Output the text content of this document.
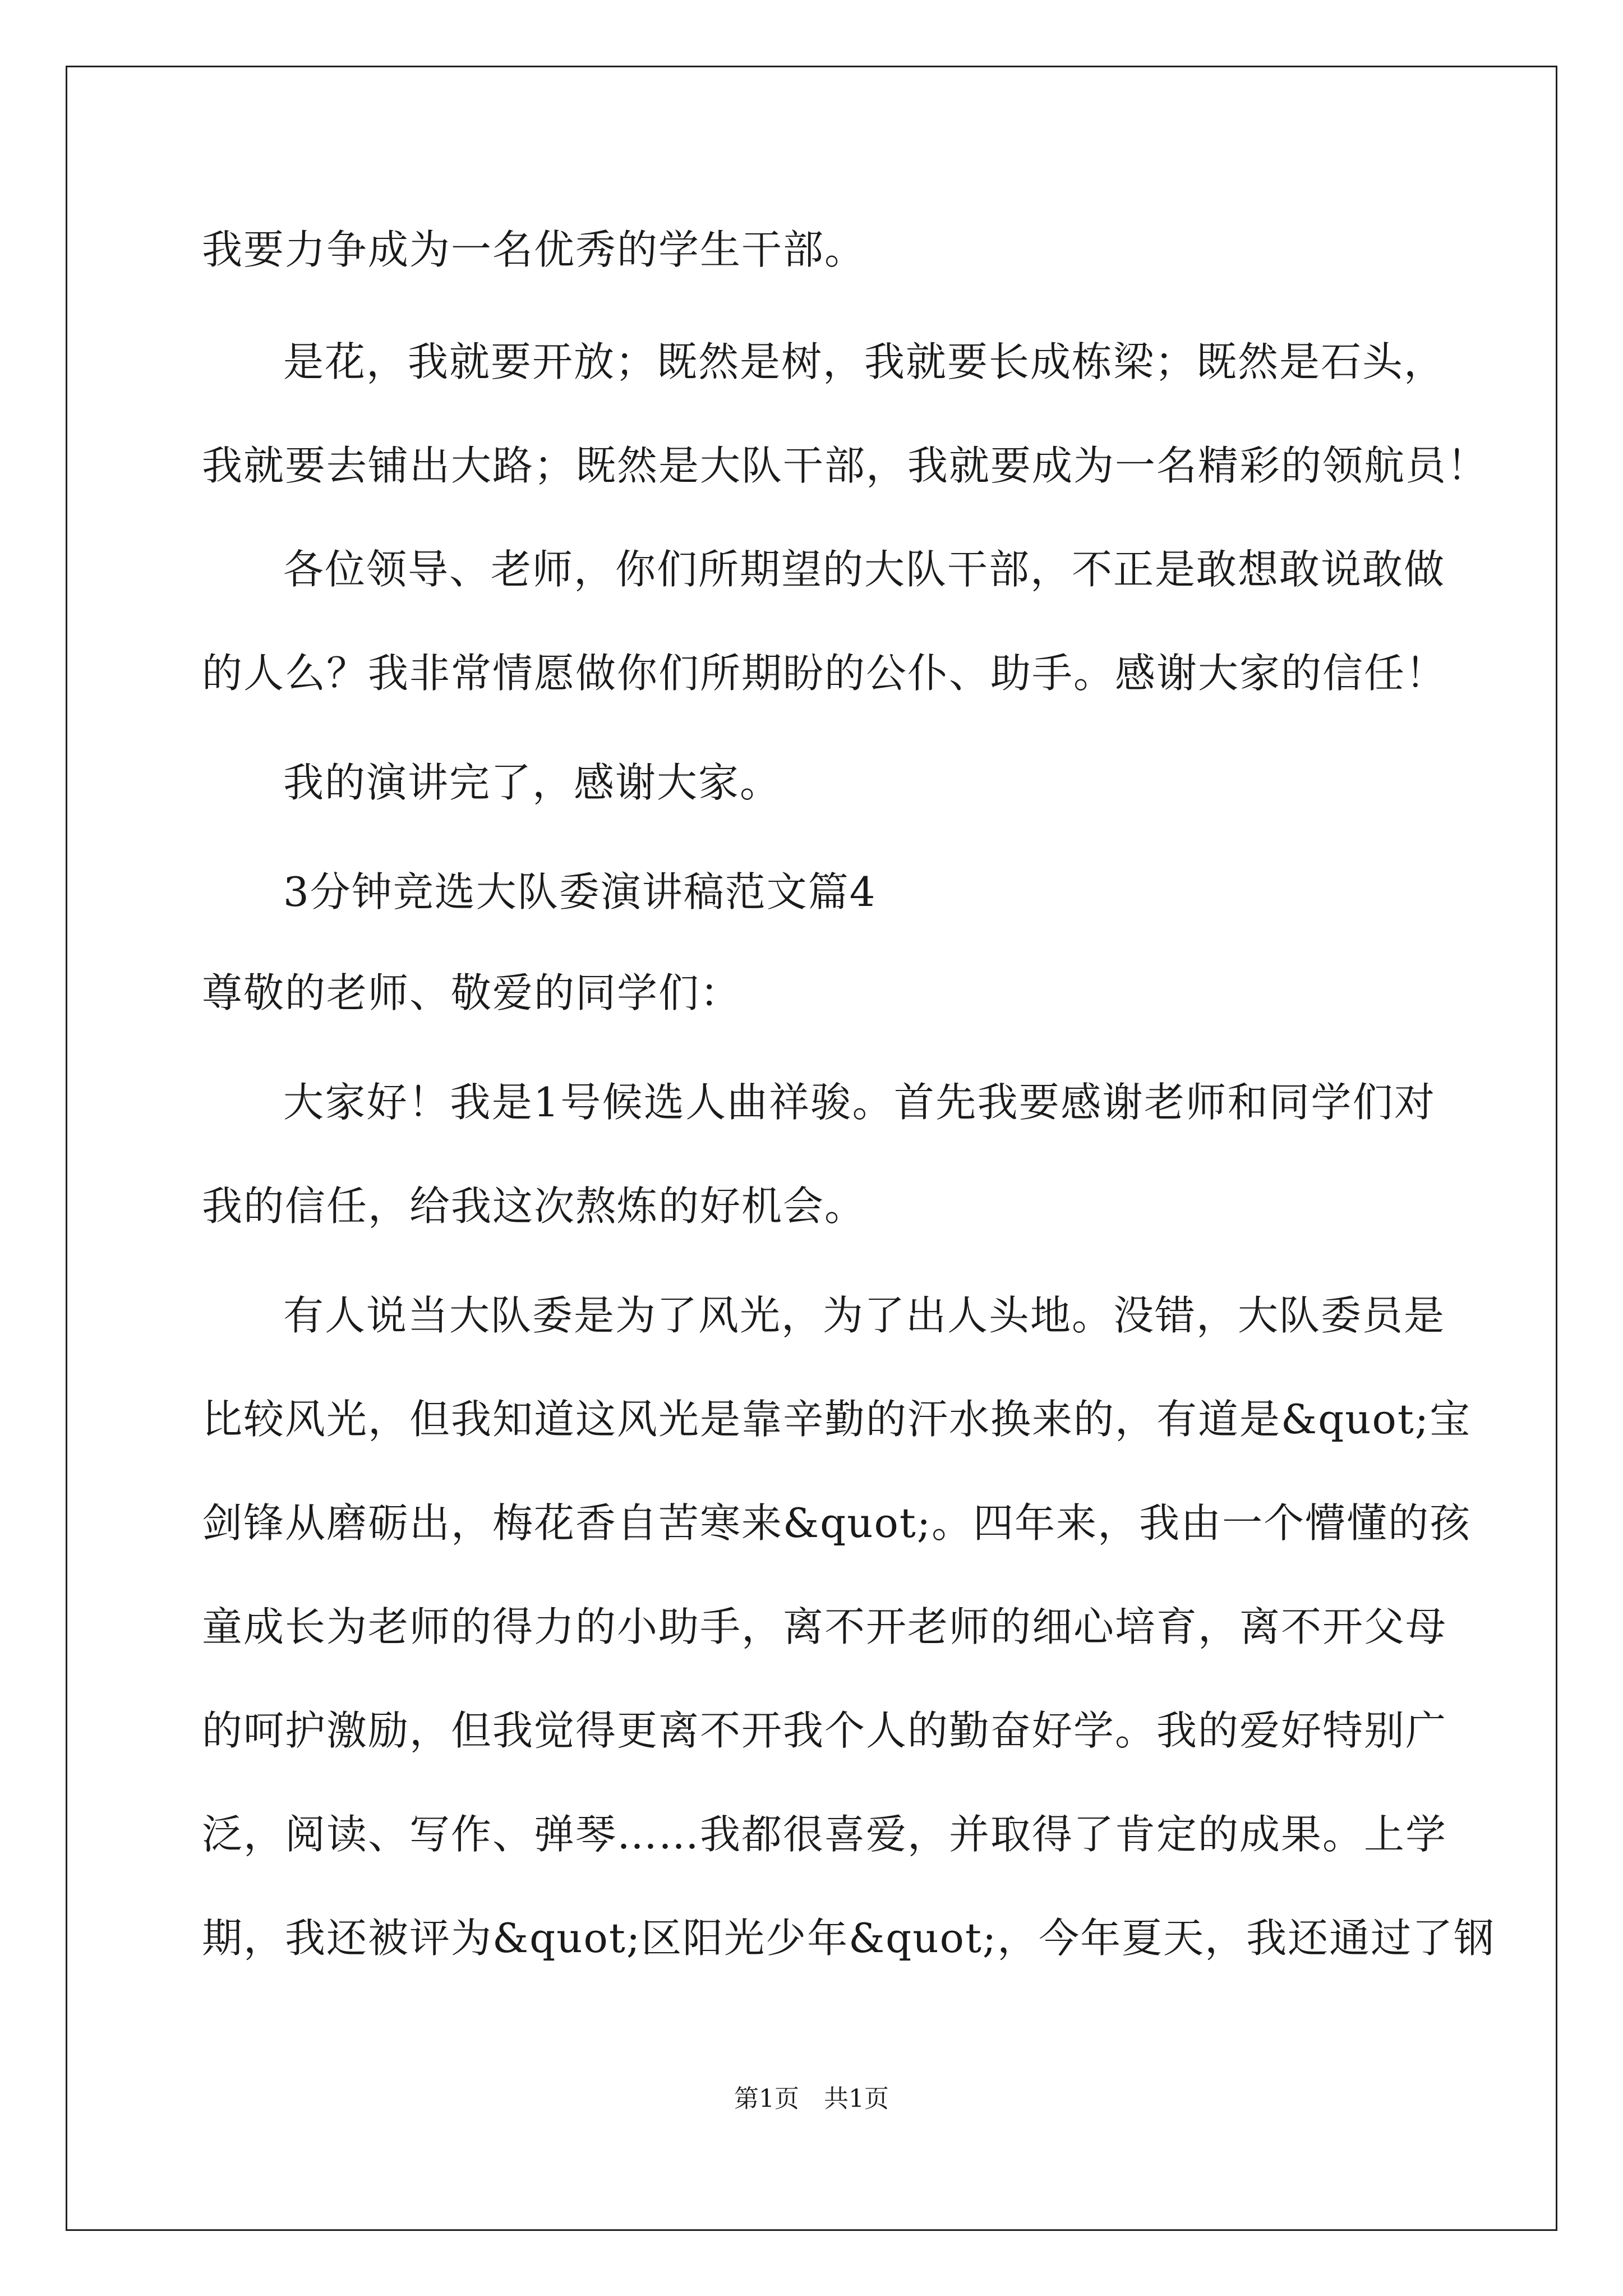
我要力争成为一名优秀的学生干部。
是花，我就要开放；既然是树，我就要长成栋梁；既然是石头，
我就要去铺出大路；既然是大队干部，我就要成为一名精彩的领航员！
各位领导、老师，你们所期望的大队干部，不正是敢想敢说敢做
的人么？我非常情愿做你们所期盼的公仆、助手。感谢大家的信任！
我的演讲完了，感谢大家。
3分钟竞选大队委演讲稿范文篇4
尊敬的老师、敬爱的同学们：
大家好！我是1号候选人曲祥骏。首先我要感谢老师和同学们对
我的信任，给我这次熬炼的好机会。
有人说当大队委是为了风光，为了出人头地。没错，大队委员是
比较风光，但我知道这风光是靠辛勤的汗水换来的，有道是&quot;宝
剑锋从磨砺出，梅花香自苦寒来&quot;。四年来，我由一个懵懂的孩
童成长为老师的得力的小助手，离不开老师的细心培育，离不开父母
的呵护激励，但我觉得更离不开我个人的勤奋好学。我的爱好特别广
泛，阅读、写作、弹琴……我都很喜爱，并取得了肯定的成果。上学
期，我还被评为&quot;区阳光少年&quot;，今年夏天，我还通过了钢
第1页　共1页
